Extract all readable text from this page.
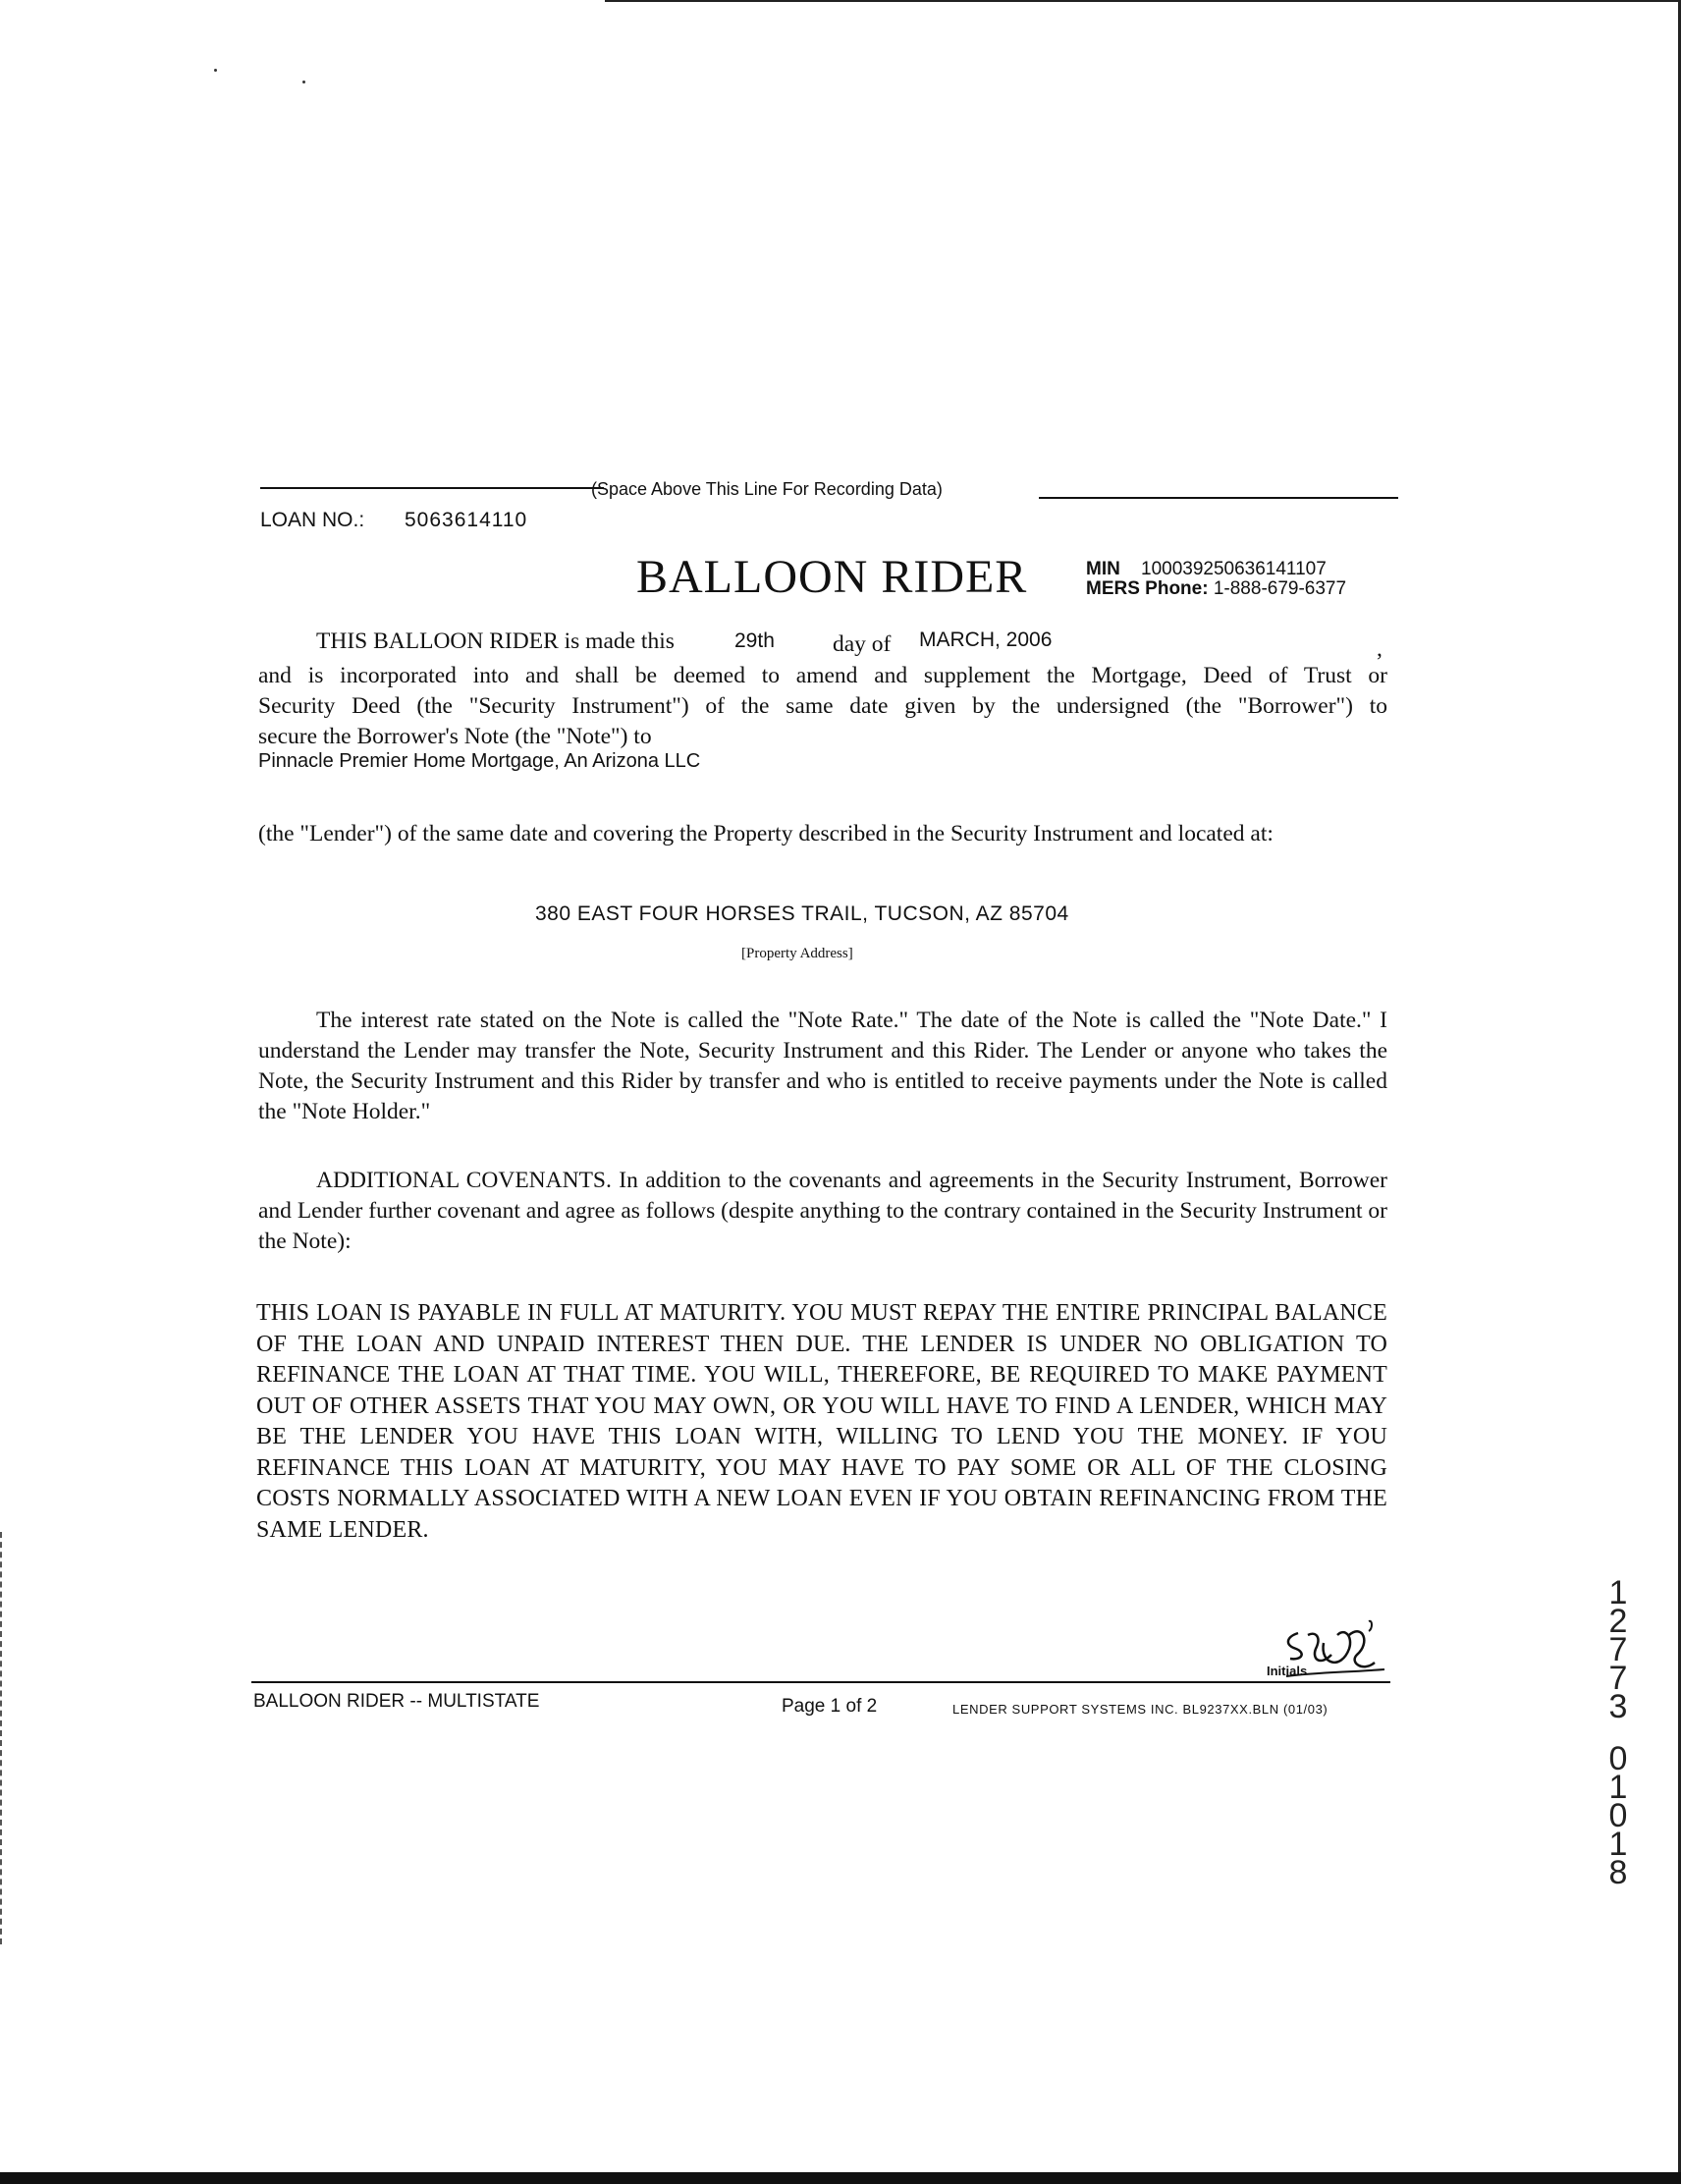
(Space Above This Line For Recording Data)
LOAN NO.: 5063614110
BALLOON RIDER	MIN 100039250636141107
MERS Phone: 1-888-679-6377
THIS BALLOON RIDER is made this	29th	day of MARCH, 2006	,
and is incorporated into and shall be deemed to amend and supplement the Mortgage, Deed of Trust or
Security Deed (the "Security Instrument") of the same date given by the undersigned (the "Borrower") to
secure the Borrower's Note (the "Note") to
Pinnacle Premier Home Mortgage, An Arizona LLC
(the "Lender") of the same date and covering the Property described in the Security Instrument and located at:
380 EAST FOUR HORSES TRAIL, TUCSON, AZ 85704
[Property Address]
The interest rate stated on the Note is called the "Note Rate." The date of the Note is called the "Note Date." I understand the Lender may transfer the Note, Security Instrument and this Rider. The Lender or anyone who takes the Note, the Security Instrument and this Rider by transfer and who is entitled to receive payments under the Note is called the "Note Holder."
ADDITIONAL COVENANTS. In addition to the covenants and agreements in the Security Instrument, Borrower and Lender further covenant and agree as follows (despite anything to the contrary contained in the Security Instrument or the Note):
THIS LOAN IS PAYABLE IN FULL AT MATURITY. YOU MUST REPAY THE ENTIRE PRINCIPAL BALANCE OF THE LOAN AND UNPAID INTEREST THEN DUE. THE LENDER IS UNDER NO OBLIGATION TO REFINANCE THE LOAN AT THAT TIME. YOU WILL, THEREFORE, BE REQUIRED TO MAKE PAYMENT OUT OF OTHER ASSETS THAT YOU MAY OWN, OR YOU WILL HAVE TO FIND A LENDER, WHICH MAY BE THE LENDER YOU HAVE THIS LOAN WITH, WILLING TO LEND YOU THE MONEY. IF YOU REFINANCE THIS LOAN AT MATURITY, YOU MAY HAVE TO PAY SOME OR ALL OF THE CLOSING COSTS NORMALLY ASSOCIATED WITH A NEW LOAN EVEN IF YOU OBTAIN REFINANCING FROM THE SAME LENDER.
Initials
BALLOON RIDER -- MULTISTATE	Page 1 of 2	LENDER SUPPORT SYSTEMS INC. BL9237XX.BLN (01/03)
1
2
7
7
3
0
1
0
1
8
